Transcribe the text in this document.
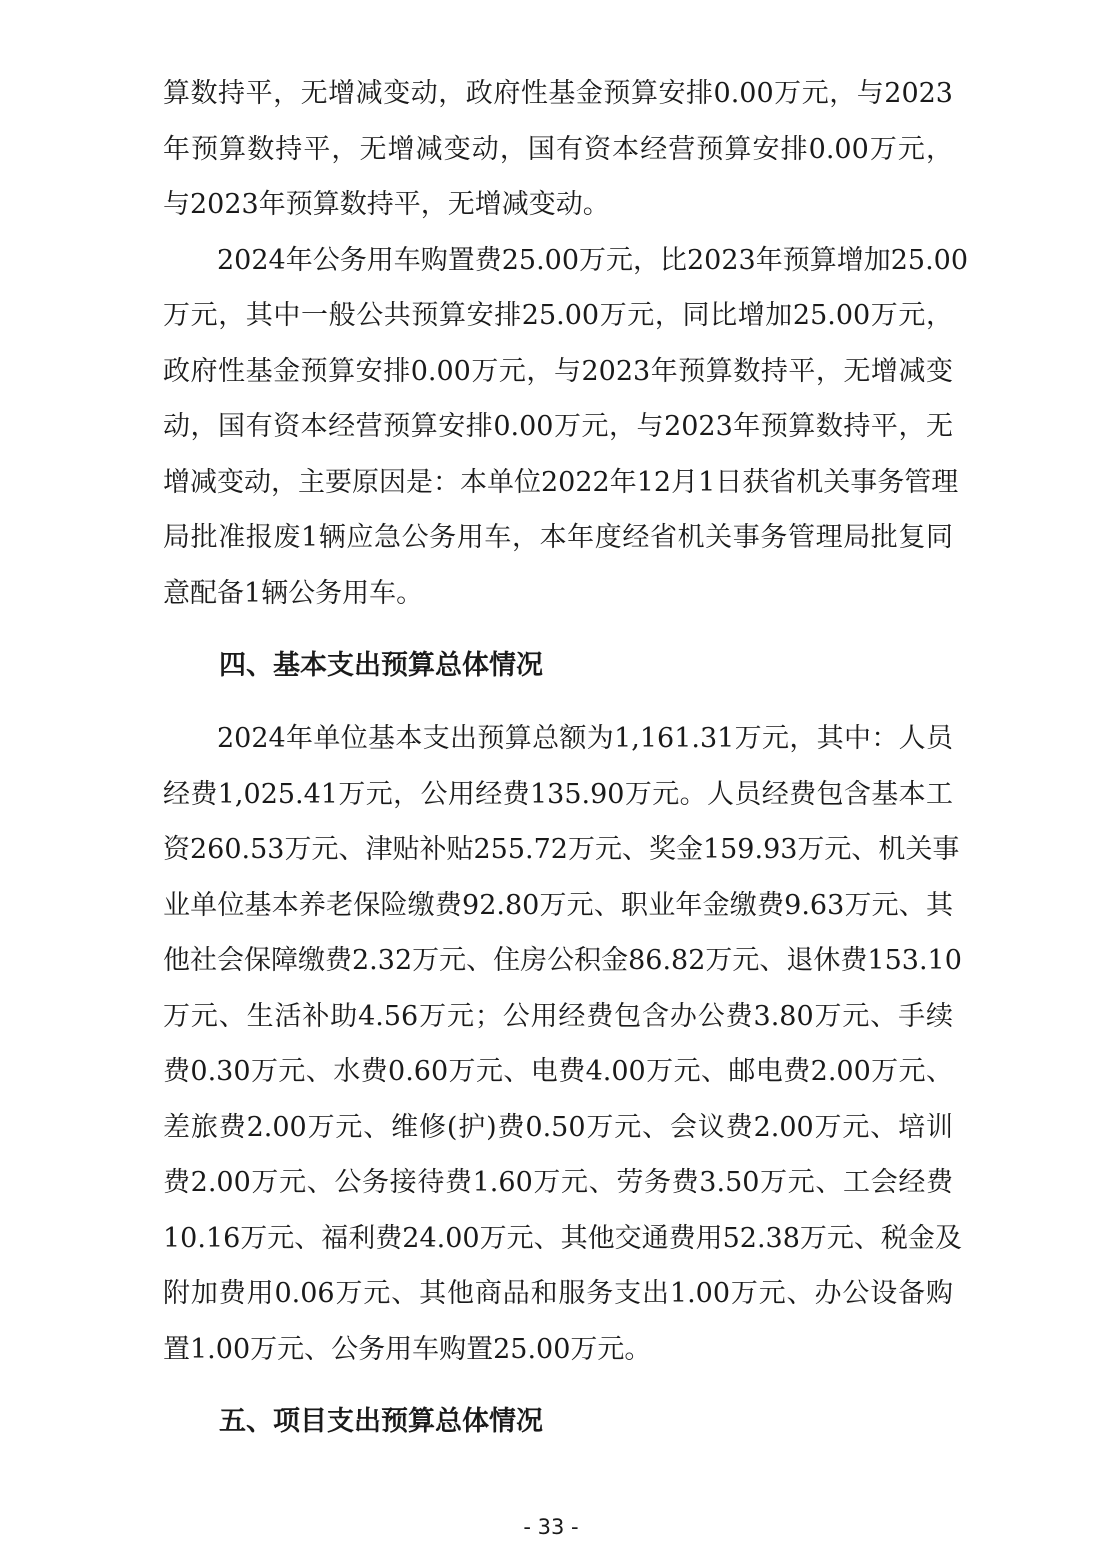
算数持平，无增减变动，政府性基金预算安排0.00万元，与2023
年预算数持平，无增减变动，国有资本经营预算安排0.00万元，
与2023年预算数持平，无增减变动。
2024年公务用车购置费25.00万元，比2023年预算增加25.00
万元，其中一般公共预算安排25.00万元，同比增加25.00万元，
政府性基金预算安排0.00万元，与2023年预算数持平，无增减变
动，国有资本经营预算安排0.00万元，与2023年预算数持平，无
增减变动，主要原因是：本单位2022年12月1日获省机关事务管理
局批准报废1辆应急公务用车，本年度经省机关事务管理局批复同
意配备1辆公务用车。
四、基本支出预算总体情况
2024年单位基本支出预算总额为1,161.31万元，其中：人员
经费1,025.41万元，公用经费135.90万元。人员经费包含基本工
资260.53万元、津贴补贴255.72万元、奖金159.93万元、机关事
业单位基本养老保险缴费92.80万元、职业年金缴费9.63万元、其
他社会保障缴费2.32万元、住房公积金86.82万元、退休费153.10
万元、生活补助4.56万元；公用经费包含办公费3.80万元、手续
费0.30万元、水费0.60万元、电费4.00万元、邮电费2.00万元、
差旅费2.00万元、维修(护)费0.50万元、会议费2.00万元、培训
费2.00万元、公务接待费1.60万元、劳务费3.50万元、工会经费
10.16万元、福利费24.00万元、其他交通费用52.38万元、税金及
附加费用0.06万元、其他商品和服务支出1.00万元、办公设备购
置1.00万元、公务用车购置25.00万元。
五、项目支出预算总体情况
- 33 -
